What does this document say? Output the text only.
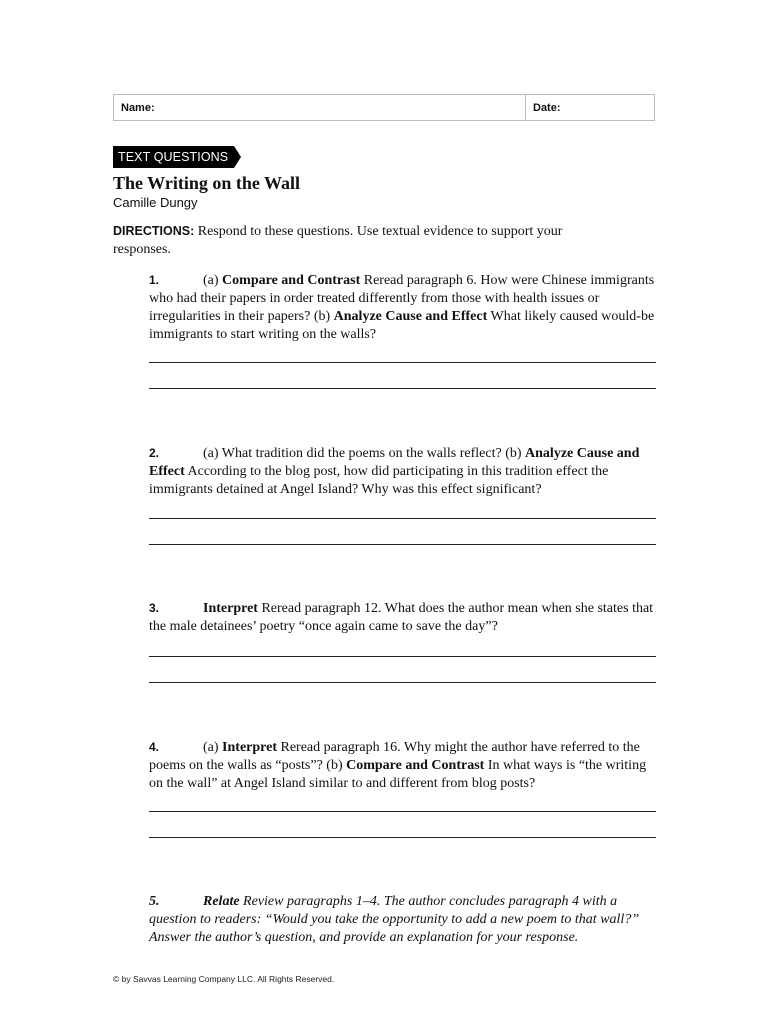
Name:	Date:
TEXT QUESTIONS
The Writing on the Wall
Camille Dungy
DIRECTIONS: Respond to these questions. Use textual evidence to support your responses.
1.	(a) Compare and Contrast Reread paragraph 6. How were Chinese immigrants who had their papers in order treated differently from those with health issues or irregularities in their papers? (b) Analyze Cause and Effect What likely caused would-be immigrants to start writing on the walls?
2.	(a) What tradition did the poems on the walls reflect? (b) Analyze Cause and Effect According to the blog post, how did participating in this tradition effect the immigrants detained at Angel Island? Why was this effect significant?
3.	Interpret Reread paragraph 12. What does the author mean when she states that the male detainees’ poetry “once again came to save the day”?
4.	(a) Interpret Reread paragraph 16. Why might the author have referred to the poems on the walls as “posts”? (b) Compare and Contrast In what ways is “the writing on the wall” at Angel Island similar to and different from blog posts?
5.	Relate Review paragraphs 1–4. The author concludes paragraph 4 with a question to readers: “Would you take the opportunity to add a new poem to that wall?” Answer the author’s question, and provide an explanation for your response.
© by Savvas Learning Company LLC. All Rights Reserved.
